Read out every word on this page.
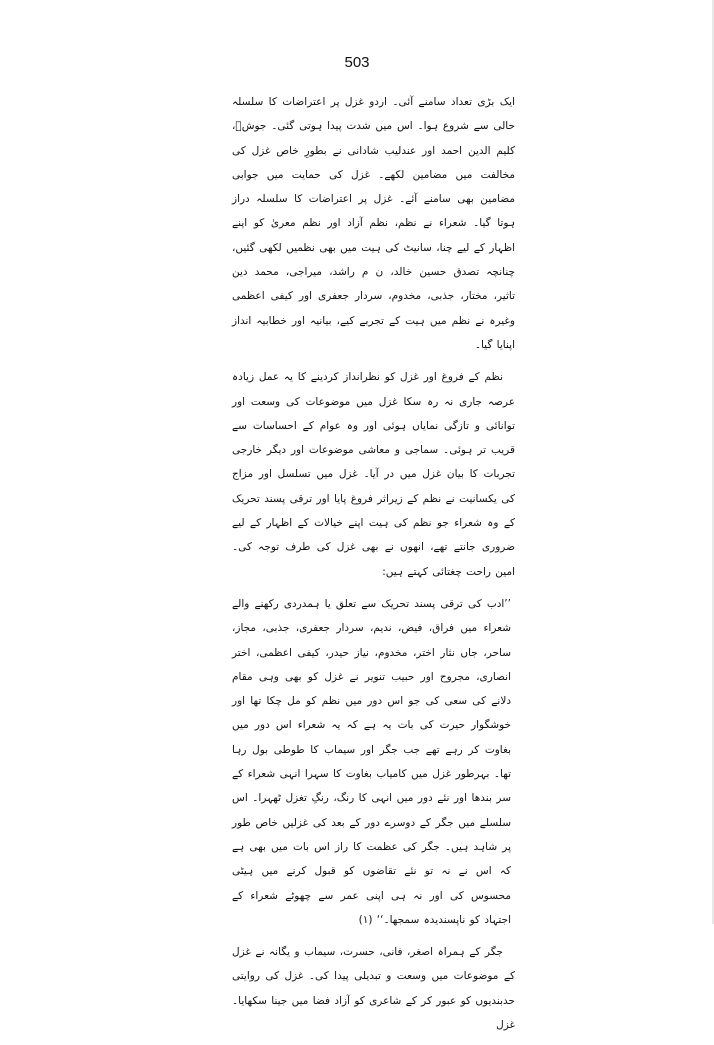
503

ایک بڑی تعداد سامنے آئی۔ اردو غزل پر اعتراضات کا سلسلہ حالی سے شروع ہوا۔ اس میں شدت پیدا ہوتی گئی۔ جوشؔ، کلیم الدین احمد اور عندلیب شادانی نے بطورِ خاص غزل کی مخالفت میں مضامین لکھے۔ غزل کی حمایت میں جوابی مضامین بھی سامنے آئے۔ غزل پر اعتراضات کا سلسلہ دراز ہوتا گیا۔ شعراء نے نظم، نظم آزاد اور نظم معریٰ کو اپنے اظہار کے لیے چنا، سانیٹ کی ہیت میں بھی نظمیں لکھی گئیں، چنانچہ تصدق حسین خالد، ن م راشد، میراجی، محمد دین تاثیر، مختار، جذبی، مخدوم، سردار جعفری اور کیفی اعظمی وغیرہ نے نظم میں ہیت کے تجربے کیے، بیانیہ اور خطابیہ انداز اپنایا گیا۔

نظم کے فروغ اور غزل کو نظرانداز کردینے کا یہ عمل زیادہ عرصہ جاری نہ رہ سکا غزل میں موضوعات کی وسعت اور توانائی و تازگی نمایاں ہوئی اور وہ عوام کے احساسات سے قریب تر ہوئی۔ سماجی و معاشی موضوعات اور دیگر خارجی تجربات کا بیان غزل میں در آیا۔ غزل میں تسلسل اور مزاج کی یکسانیت نے نظم کے زیراثر فروغ پایا اور ترقی پسند تحریک کے وہ شعراء جو نظم کی ہیت اپنے خیالات کے اظہار کے لیے ضروری جانتے تھے، انھوں نے بھی غزل کی طرف توجہ کی۔ امین راحت چغتائی کہتے ہیں:

’’ادب کی ترقی پسند تحریک سے تعلق یا ہمدردی رکھنے والے شعراء میں فراق، فیض، ندیم، سردار جعفری، جذبی، مجاز، ساحر، جاں نثار اختر، مخدوم، نیاز حیدر، کیفی اعظمی، اختر انصاری، مجروح اور حبیب تنویر نے غزل کو بھی وہی مقام دلانے کی سعی کی جو اس دور میں نظم کو مل چکا تھا اور خوشگوار حیرت کی بات یہ ہے کہ یہ شعراء اس دور میں بغاوت کر رہے تھے جب جگر اور سیماب کا طوطی بول رہا تھا۔ بہرطور غزل میں کامیاب بغاوت کا سہرا انہی شعراء کے سر بندھا اور نئے دور میں انہی کا رنگ، رنگِ تغزل ٹھہرا۔ اس سلسلے میں جگر کے دوسرے دور کے بعد کی غزلیں خاص طور پر شاہد ہیں۔ جگر کی عظمت کا راز اس بات میں بھی ہے کہ اس نے نہ تو نئے تقاضوں کو قبول کرنے میں ہیٹی محسوس کی اور نہ ہی اپنی عمر سے چھوٹے شعراء کے اجتہاد کو ناپسندیدہ سمجھا۔‘‘ (۱)

جگر کے ہمراہ اصغر، فانی، حسرت، سیماب و یگانہ نے غزل کے موضوعات میں وسعت و تبدیلی پیدا کی۔ غزل کی روایتی حدبندیوں کو عبور کر کے شاعری کو آزاد فضا میں جینا سکھایا۔ غزل
